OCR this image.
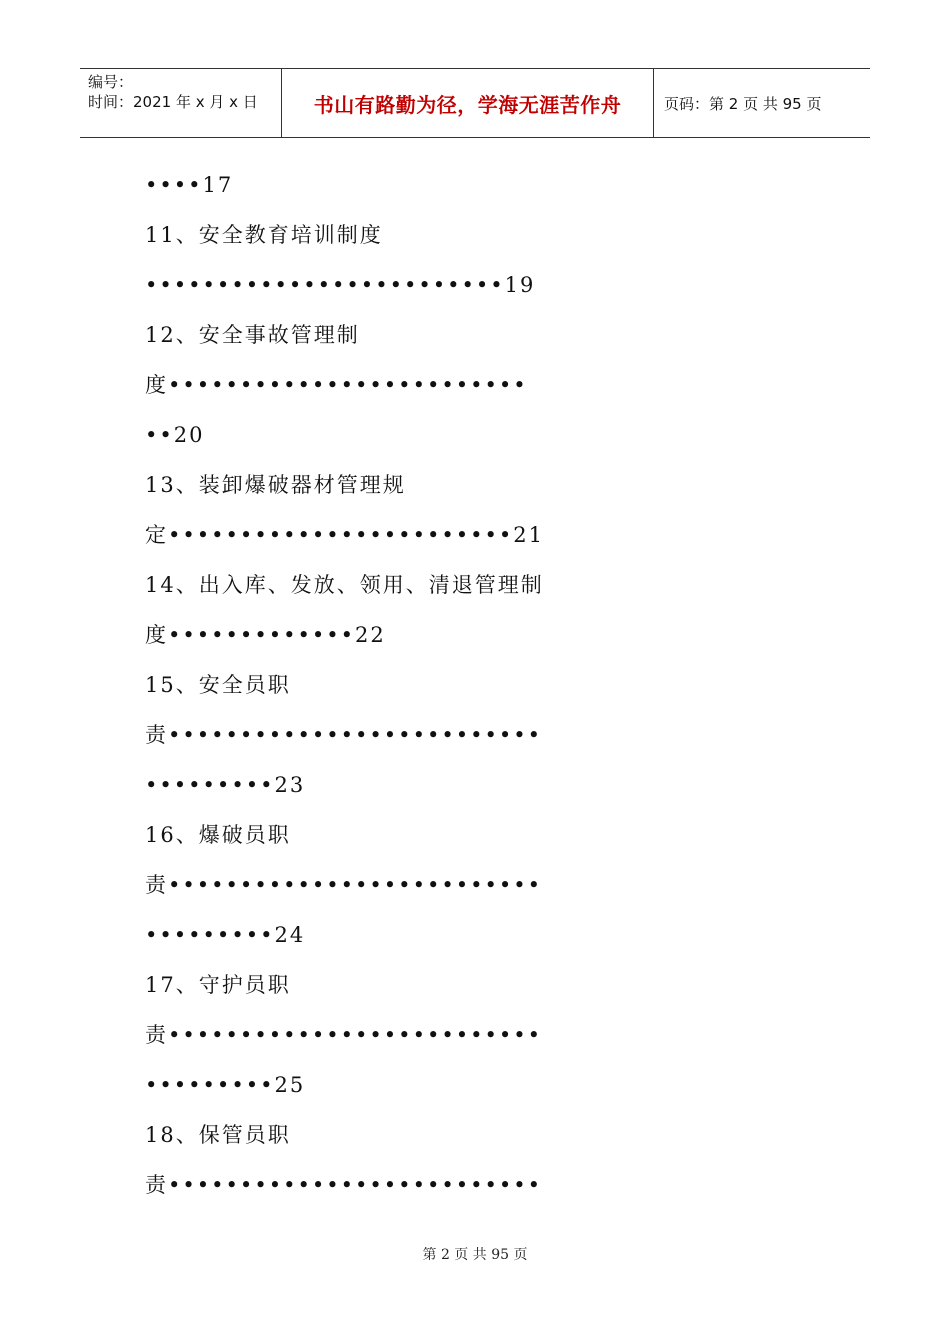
编号：
时间：2021 年 x 月 x 日	书山有路勤为径，学海无涯苦作舟	页码：第 2 页 共 95 页
••••17
11、安全教育培训制度
•••••••••••••••••••••••••19
12、安全事故管理制
度•••••••••••••••••••••••••
••20
13、装卸爆破器材管理规
定••••••••••••••••••••••••21
14、出入库、发放、领用、清退管理制
度•••••••••••••22
15、安全员职
责••••••••••••••••••••••••••
•••••••••23
16、爆破员职
责••••••••••••••••••••••••••
•••••••••24
17、守护员职
责••••••••••••••••••••••••••
•••••••••25
18、保管员职
责••••••••••••••••••••••••••
第 2 页 共 95 页
